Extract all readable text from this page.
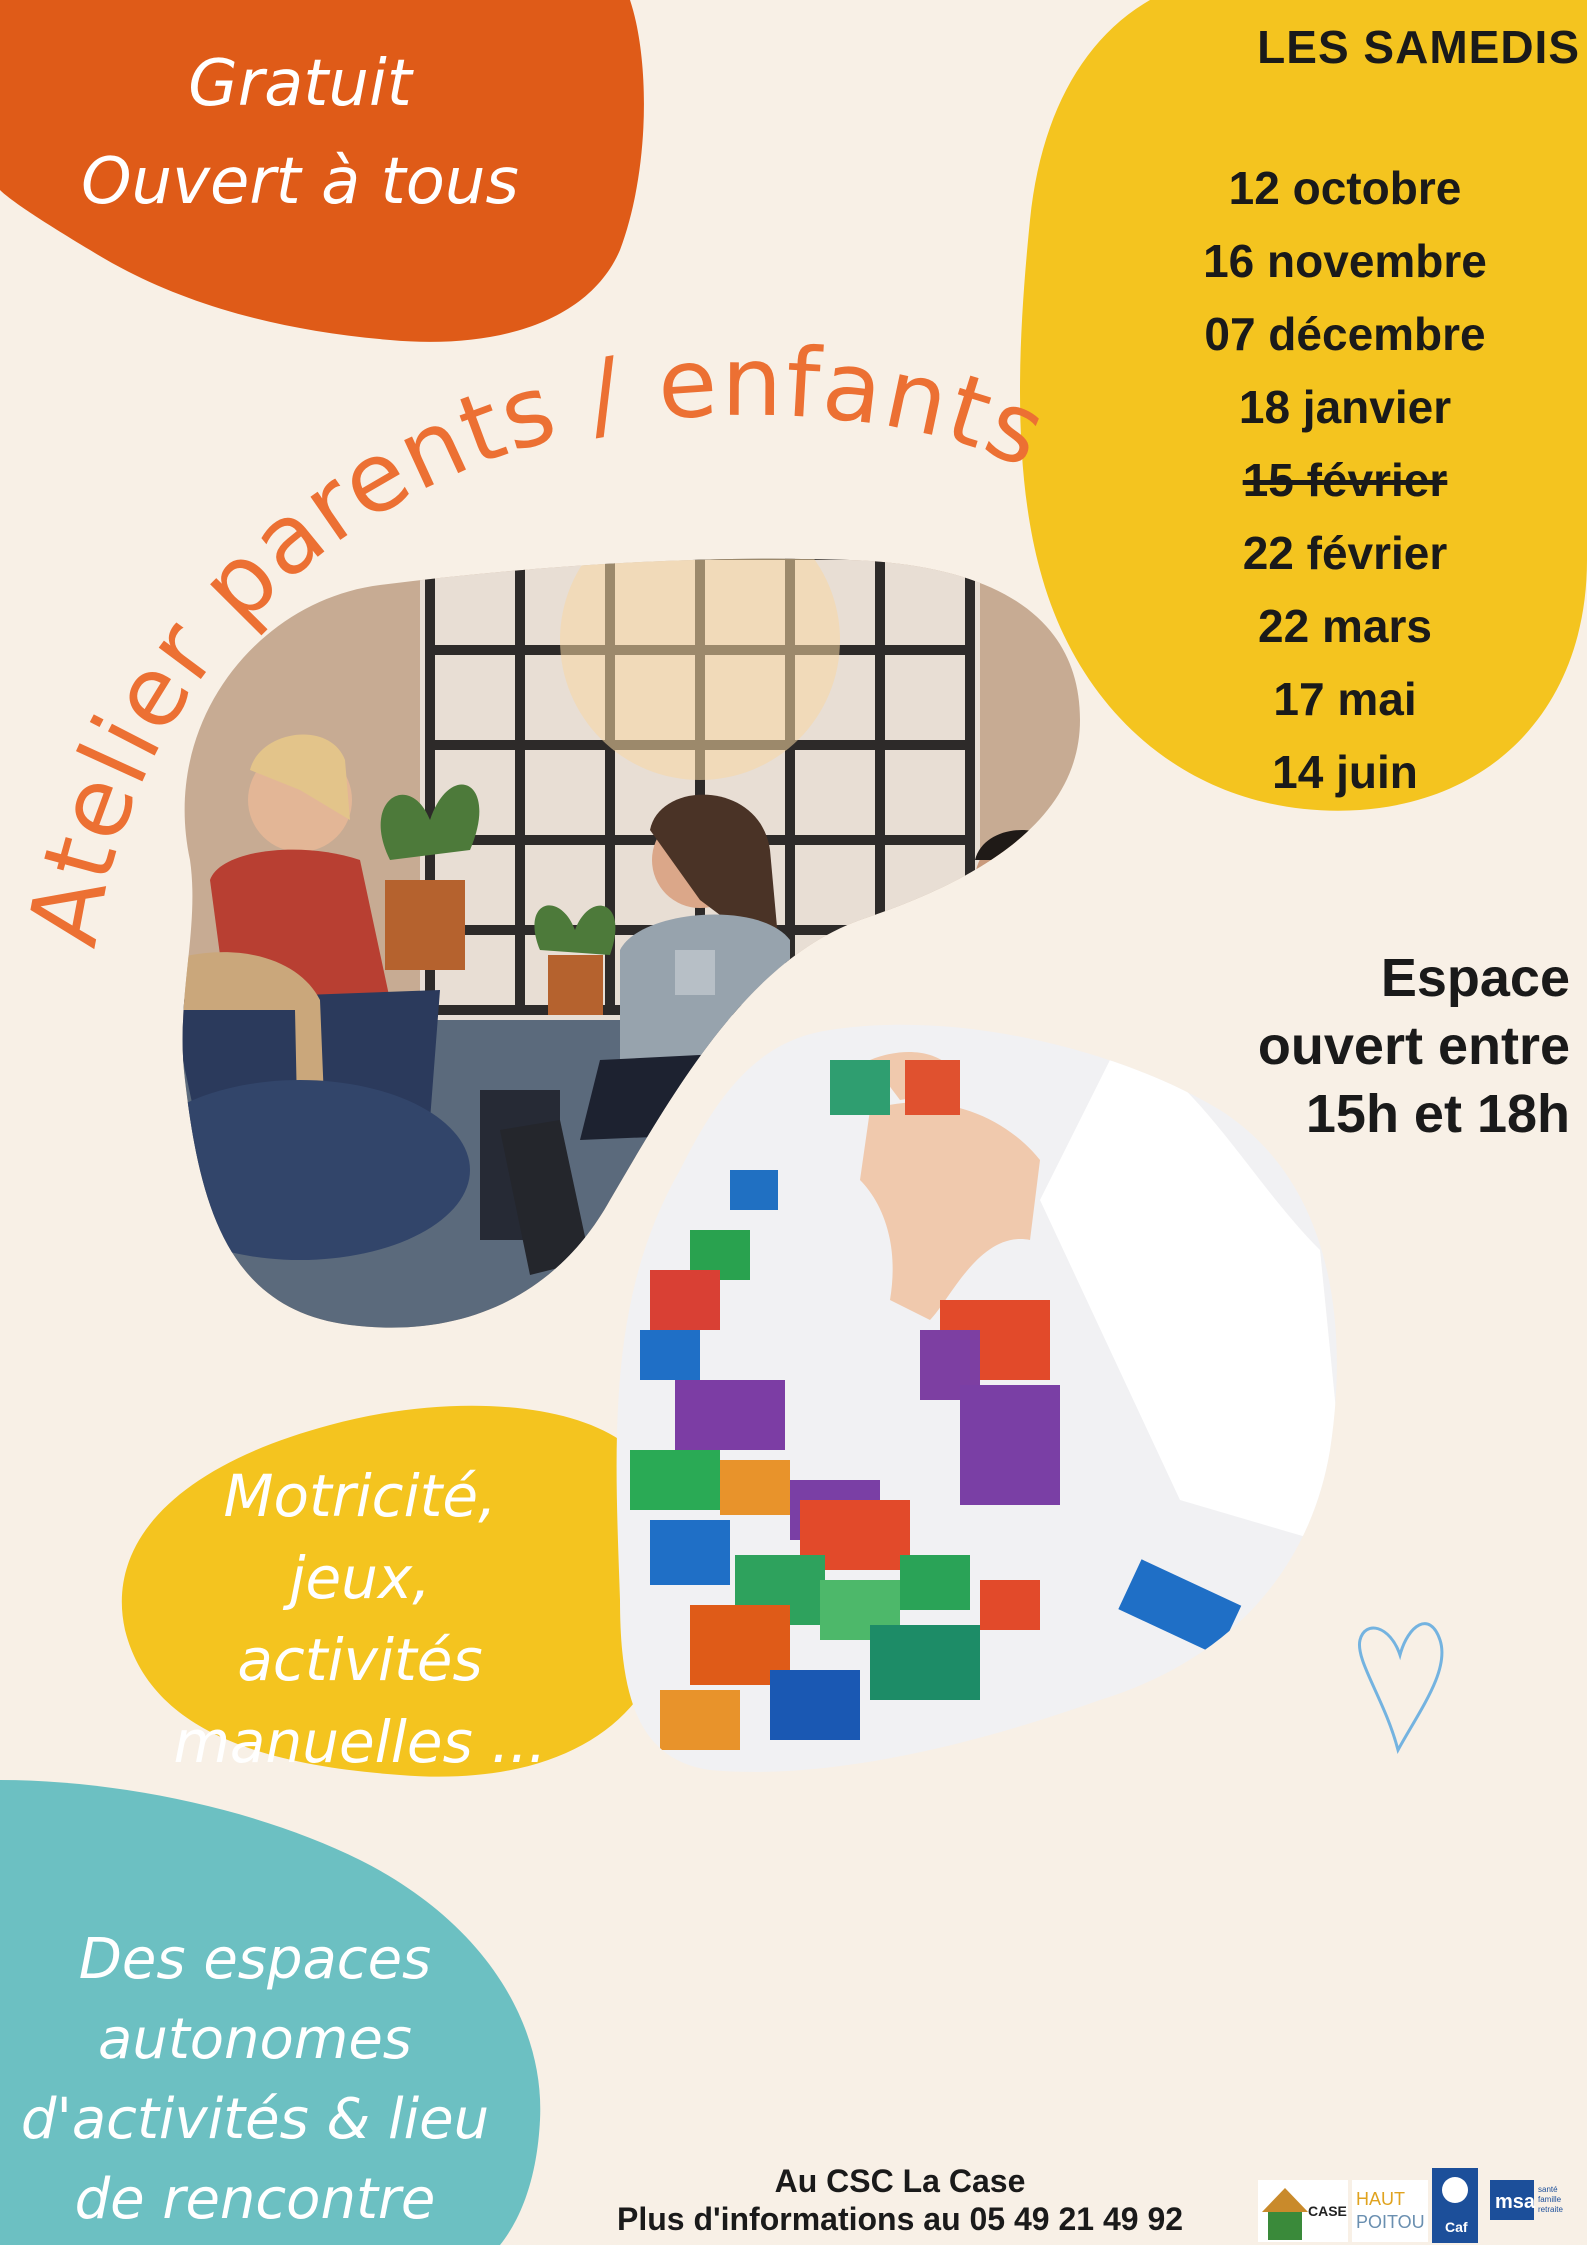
CASE
HAUT
POITOU Caf
msa
santé
famille
retraite
Atelier parents / enfants
Gratuit
Ouvert à tous
LES SAMEDIS
12 octobre
16 novembre
07 décembre
18 janvier
15 février
22 février
22 mars
17 mai
14 juin
Espace
ouvert entre
15h et 18h
Motricité,
jeux,
activités
manuelles ...
Des espaces
autonomes
d'activités & lieu
de rencontre	Au CSC La Case
Plus d'informations au 05 49 21 49 92
